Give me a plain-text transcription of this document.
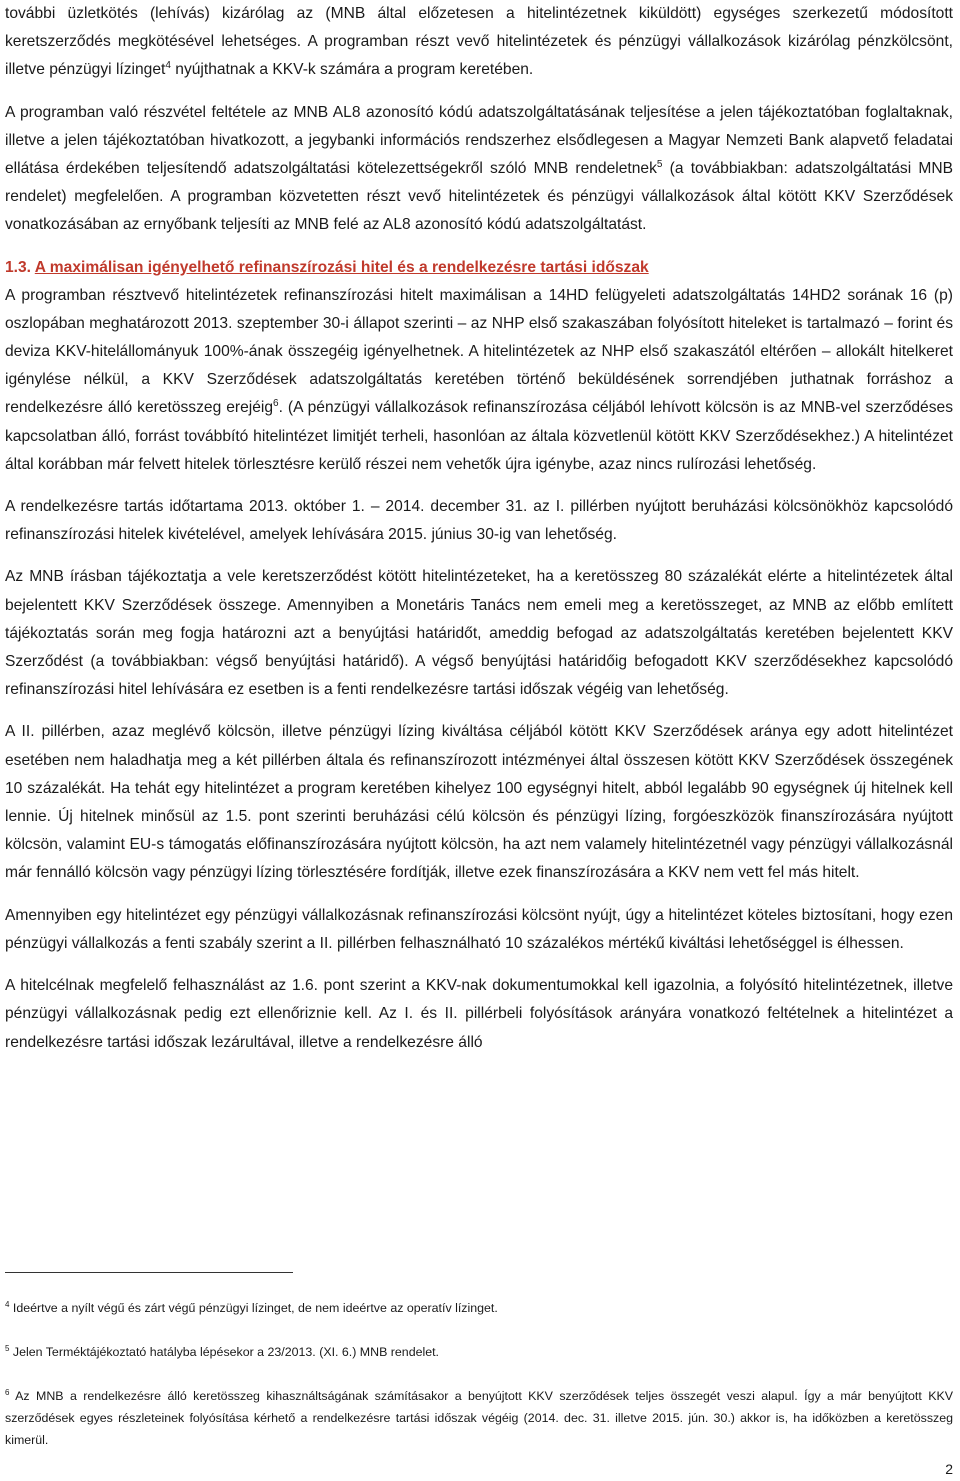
további üzletkötés (lehívás) kizárólag az (MNB által előzetesen a hitelintézetnek kiküldött) egységes szerkezetű módosított keretszerződés megkötésével lehetséges. A programban részt vevő hitelintézetek és pénzügyi vállalkozások kizárólag pénzkölcsönt, illetve pénzügyi lízinget$^4$ nyújthatnak a KKV-k számára a program keretében.

A programban való részvétel feltétele az MNB AL8 azonosító kódú adatszolgáltatásának teljesítése a jelen tájékoztatóban foglaltaknak, illetve a jelen tájékoztatóban hivatkozott, a jegybanki információs rendszerhez elsődlegesen a Magyar Nemzeti Bank alapvető feladatai ellátása érdekében teljesítendő adatszolgáltatási kötelezettségekről szóló MNB rendeletnek$^5$ (a továbbiakban: adatszolgáltatási MNB rendelet) megfelelően. A programban közvetetten részt vevő hitelintézetek és pénzügyi vállalkozások által kötött KKV Szerződések vonatkozásában az ernyőbank teljesíti az MNB felé az AL8 azonosító kódú adatszolgáltatást.

1.3. A maximálisan igényelhető refinanszírozási hitel és a rendelkezésre tartási időszak

A programban résztvevő hitelintézetek refinanszírozási hitelt maximálisan a 14HD felügyeleti adatszolgáltatás 14HD2 sorának 16 (p) oszlopában meghatározott 2013. szeptember 30-i állapot szerinti – az NHP első szakaszában folyósított hiteleket is tartalmazó – forint és deviza KKV-hitelállományuk 100%-ának összegéig igényelhetnek. A hitelintézetek az NHP első szakaszától eltérően – allokált hitelkeret igénylése nélkül, a KKV Szerződések adatszolgáltatás keretében történő beküldésének sorrendjében juthatnak forráshoz a rendelkezésre álló keretösszeg erejéig$^6$. (A pénzügyi vállalkozások refinanszírozása céljából lehívott kölcsön is az MNB-vel szerződéses kapcsolatban álló, forrást továbbító hitelintézet limitjét terheli, hasonlóan az általa közvetlenül kötött KKV Szerződésekhez.) A hitelintézet által korábban már felvett hitelek törlesztésre kerülő részei nem vehetők újra igénybe, azaz nincs rulírozási lehetőség.

A rendelkezésre tartás időtartama 2013. október 1. – 2014. december 31. az I. pillérben nyújtott beruházási kölcsönökhöz kapcsolódó refinanszírozási hitelek kivételével, amelyek lehívására 2015. június 30-ig van lehetőség.

Az MNB írásban tájékoztatja a vele keretszerződést kötött hitelintézeteket, ha a keretösszeg 80 százalékát elérte a hitelintézetek által bejelentett KKV Szerződések összege. Amennyiben a Monetáris Tanács nem emeli meg a keretösszeget, az MNB az előbb említett tájékoztatás során meg fogja határozni azt a benyújtási határidőt, ameddig befogad az adatszolgáltatás keretében bejelentett KKV Szerződést (a továbbiakban: végső benyújtási határidő). A végső benyújtási határidőig befogadott KKV szerződésekhez kapcsolódó refinanszírozási hitel lehívására ez esetben is a fenti rendelkezésre tartási időszak végéig van lehetőség.

A II. pillérben, azaz meglévő kölcsön, illetve pénzügyi lízing kiváltása céljából kötött KKV Szerződések aránya egy adott hitelintézet esetében nem haladhatja meg a két pillérben általa és refinanszírozott intézményei által összesen kötött KKV Szerződések összegének 10 százalékát. Ha tehát egy hitelintézet a program keretében kihelyez 100 egységnyi hitelt, abból legalább 90 egységnek új hitelnek kell lennie. Új hitelnek minősül az 1.5. pont szerinti beruházási célú kölcsön és pénzügyi lízing, forgóeszközök finanszírozására nyújtott kölcsön, valamint EU-s támogatás előfinanszírozására nyújtott kölcsön, ha azt nem valamely hitelintézetnél vagy pénzügyi vállalkozásnál már fennálló kölcsön vagy pénzügyi lízing törlesztésére fordítják, illetve ezek finanszírozására a KKV nem vett fel más hitelt.

Amennyiben egy hitelintézet egy pénzügyi vállalkozásnak refinanszírozási kölcsönt nyújt, úgy a hitelintézet köteles biztosítani, hogy ezen pénzügyi vállalkozás a fenti szabály szerint a II. pillérben felhasználható 10 százalékos mértékű kiváltási lehetőséggel is élhessen.

A hitelcélnak megfelelő felhasználást az 1.6. pont szerint a KKV-nak dokumentumokkal kell igazolnia, a folyósító hitelintézetnek, illetve pénzügyi vállalkozásnak pedig ezt ellenőriznie kell. Az I. és II. pillérbeli folyósítások arányára vonatkozó feltételnek a hitelintézet a rendelkezésre tartási időszak lezárultával, illetve a rendelkezésre álló

$^4$ Ideértve a nyílt végű és zárt végű pénzügyi lízinget, de nem ideértve az operatív lízinget.

$^5$ Jelen Terméktájékoztató hatályba lépésekor a 23/2013. (XI. 6.) MNB rendelet.

$^6$ Az MNB a rendelkezésre álló keretösszeg kihasználtságának számításakor a benyújtott KKV szerződések teljes összegét veszi alapul. Így a már benyújtott KKV szerződések egyes részleteinek folyósítása kérhető a rendelkezésre tartási időszak végéig (2014. dec. 31. illetve 2015. jún. 30.) akkor is, ha időközben a keretösszeg kimerül.

2
